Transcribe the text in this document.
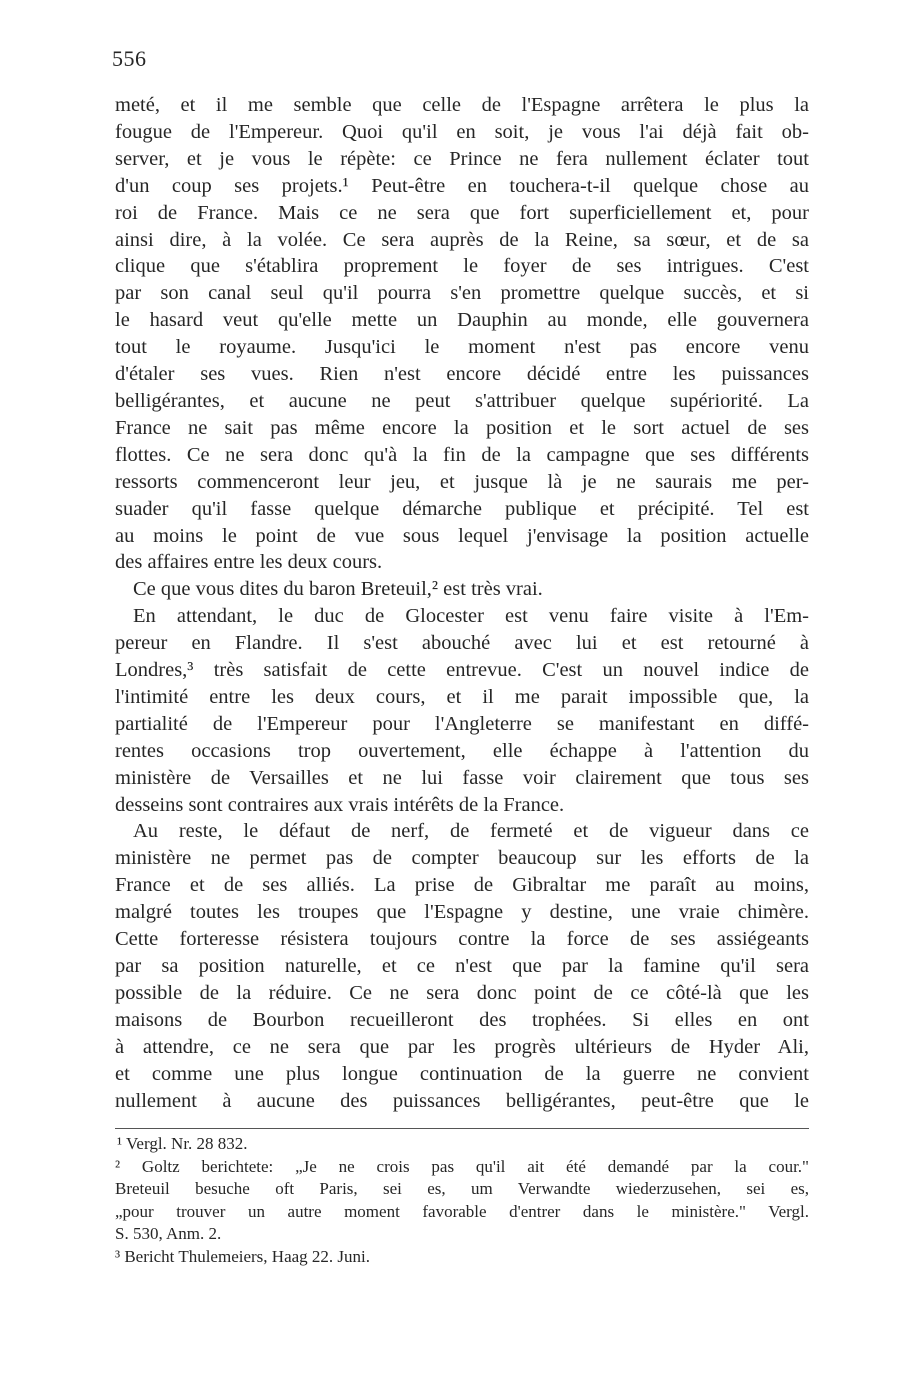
556

meté, et il me semble que celle de l'Espagne arrêtera le plus la
fougue de l'Empereur. Quoi qu'il en soit, je vous l'ai déjà fait ob-
server, et je vous le répète: ce Prince ne fera nullement éclater tout
d'un coup ses projets.¹ Peut-être en touchera-t-il quelque chose au
roi de France. Mais ce ne sera que fort superficiellement et, pour
ainsi dire, à la volée. Ce sera auprès de la Reine, sa sœur, et de sa
clique que s'établira proprement le foyer de ses intrigues. C'est
par son canal seul qu'il pourra s'en promettre quelque succès, et si
le hasard veut qu'elle mette un Dauphin au monde, elle gouvernera
tout le royaume. Jusqu'ici le moment n'est pas encore venu
d'étaler ses vues. Rien n'est encore décidé entre les puissances
belligérantes, et aucune ne peut s'attribuer quelque supériorité. La
France ne sait pas même encore la position et le sort actuel de ses
flottes. Ce ne sera donc qu'à la fin de la campagne que ses différents
ressorts commenceront leur jeu, et jusque là je ne saurais me per-
suader qu'il fasse quelque démarche publique et précipité. Tel est
au moins le point de vue sous lequel j'envisage la position actuelle
des affaires entre les deux cours.

Ce que vous dites du baron Breteuil,² est très vrai.

En attendant, le duc de Glocester est venu faire visite à l'Em-
pereur en Flandre. Il s'est abouché avec lui et est retourné à
Londres,³ très satisfait de cette entrevue. C'est un nouvel indice de
l'intimité entre les deux cours, et il me parait impossible que, la
partialité de l'Empereur pour l'Angleterre se manifestant en diffé-
rentes occasions trop ouvertement, elle échappe à l'attention du
ministère de Versailles et ne lui fasse voir clairement que tous ses
desseins sont contraires aux vrais intérêts de la France.

Au reste, le défaut de nerf, de fermeté et de vigueur dans ce
ministère ne permet pas de compter beaucoup sur les efforts de la
France et de ses alliés. La prise de Gibraltar me paraît au moins,
malgré toutes les troupes que l'Espagne y destine, une vraie chimère.
Cette forteresse résistera toujours contre la force de ses assiégeants
par sa position naturelle, et ce n'est que par la famine qu'il sera
possible de la réduire. Ce ne sera donc point de ce côté-là que les
maisons de Bourbon recueilleront des trophées. Si elles en ont
à attendre, ce ne sera que par les progrès ultérieurs de Hyder Ali,
et comme une plus longue continuation de la guerre ne convient
nullement à aucune des puissances belligérantes, peut-être que le

¹ Vergl. Nr. 28 832.

² Goltz berichtete: „Je ne crois pas qu'il ait été demandé par la cour."
Breteuil besuche oft Paris, sei es, um Verwandte wiederzusehen, sei es,
„pour trouver un autre moment favorable d'entrer dans le ministère." Vergl.
S. 530, Anm. 2.

³ Bericht Thulemeiers, Haag 22. Juni.
